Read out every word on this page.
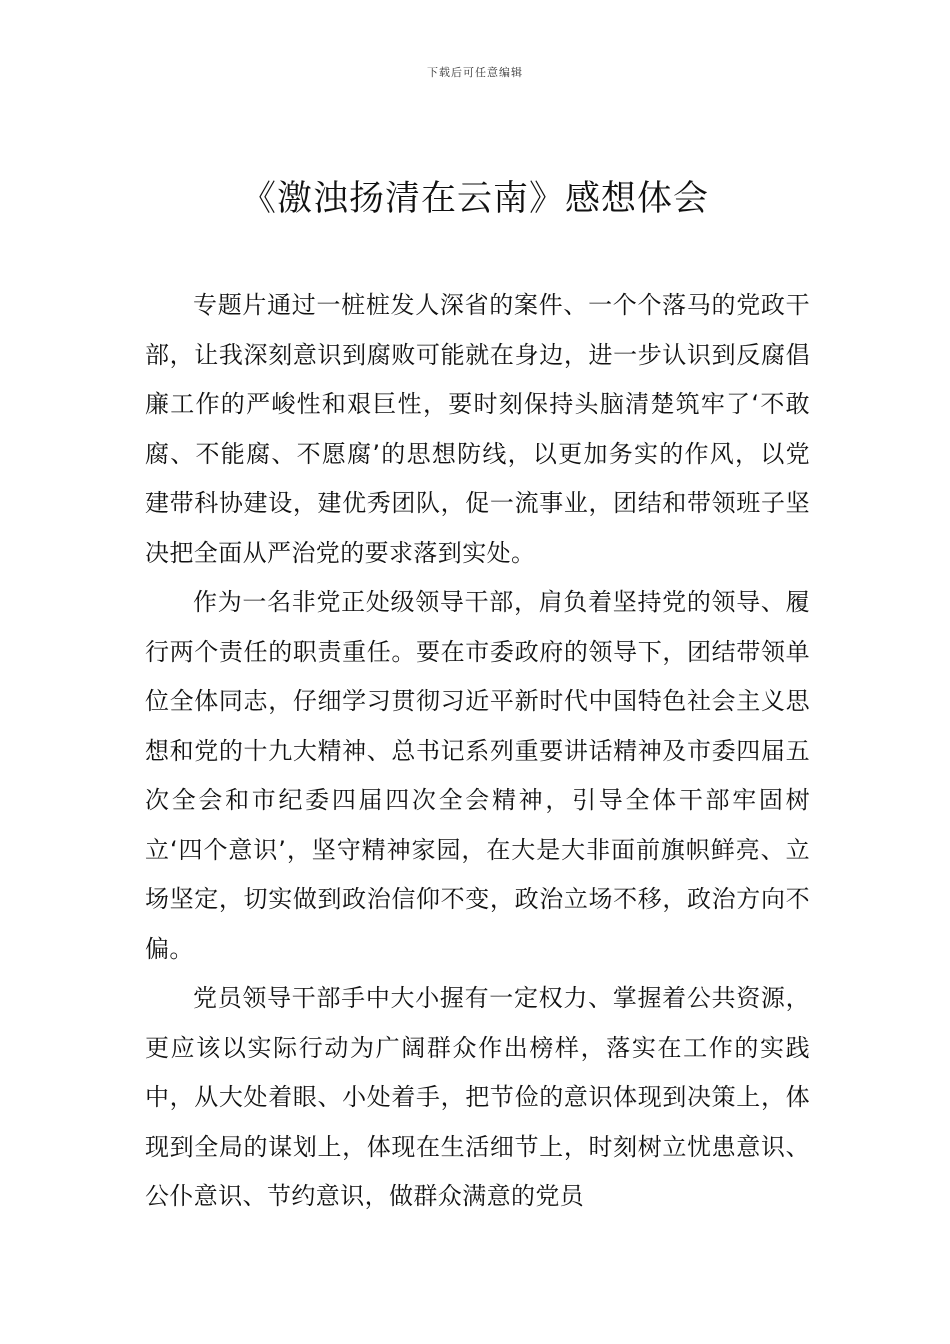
下载后可任意编辑
《激浊扬清在云南》感想体会

专题片通过一桩桩发人深省的案件、一个个落马的党政干部，让我深刻意识到腐败可能就在身边，进一步认识到反腐倡廉工作的严峻性和艰巨性，要时刻保持头脑清楚筑牢了‘不敢腐、不能腐、不愿腐’的思想防线，以更加务实的作风，以党建带科协建设，建优秀团队，促一流事业，团结和带领班子坚决把全面从严治党的要求落到实处。

作为一名非党正处级领导干部，肩负着坚持党的领导、履行两个责任的职责重任。要在市委政府的领导下，团结带领单位全体同志，仔细学习贯彻习近平新时代中国特色社会主义思想和党的十九大精神、总书记系列重要讲话精神及市委四届五次全会和市纪委四届四次全会精神，引导全体干部牢固树立‘四个意识’，坚守精神家园，在大是大非面前旗帜鲜亮、立场坚定，切实做到政治信仰不变，政治立场不移，政治方向不偏。

党员领导干部手中大小握有一定权力、掌握着公共资源，更应该以实际行动为广阔群众作出榜样，落实在工作的实践中，从大处着眼、小处着手，把节俭的意识体现到决策上，体现到全局的谋划上，体现在生活细节上，时刻树立忧患意识、公仆意识、节约意识，做群众满意的党员
